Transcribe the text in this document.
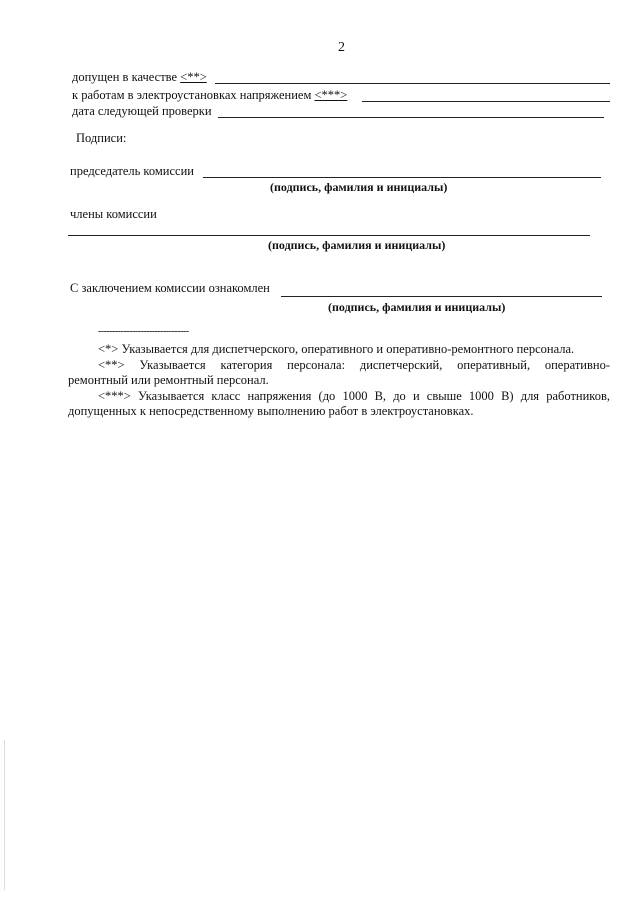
2
допущен в качестве <**>
к работам в электроустановках напряжением <***>
дата следующей проверки
Подписи:
председатель комиссии
(подпись, фамилия и инициалы)
члены комиссии
(подпись, фамилия и инициалы)
С заключением комиссии ознакомлен
(подпись, фамилия и инициалы)
--------------------------------
<*> Указывается для диспетчерского, оперативного и оперативно-ремонтного персонала.
<**> Указывается категория персонала: диспетчерский, оперативный, оперативно-
ремонтный или ремонтный персонал.
<***> Указывается класс напряжения (до 1000 В, до и свыше 1000 В) для работников,
допущенных к непосредственному выполнению работ в электроустановках.
